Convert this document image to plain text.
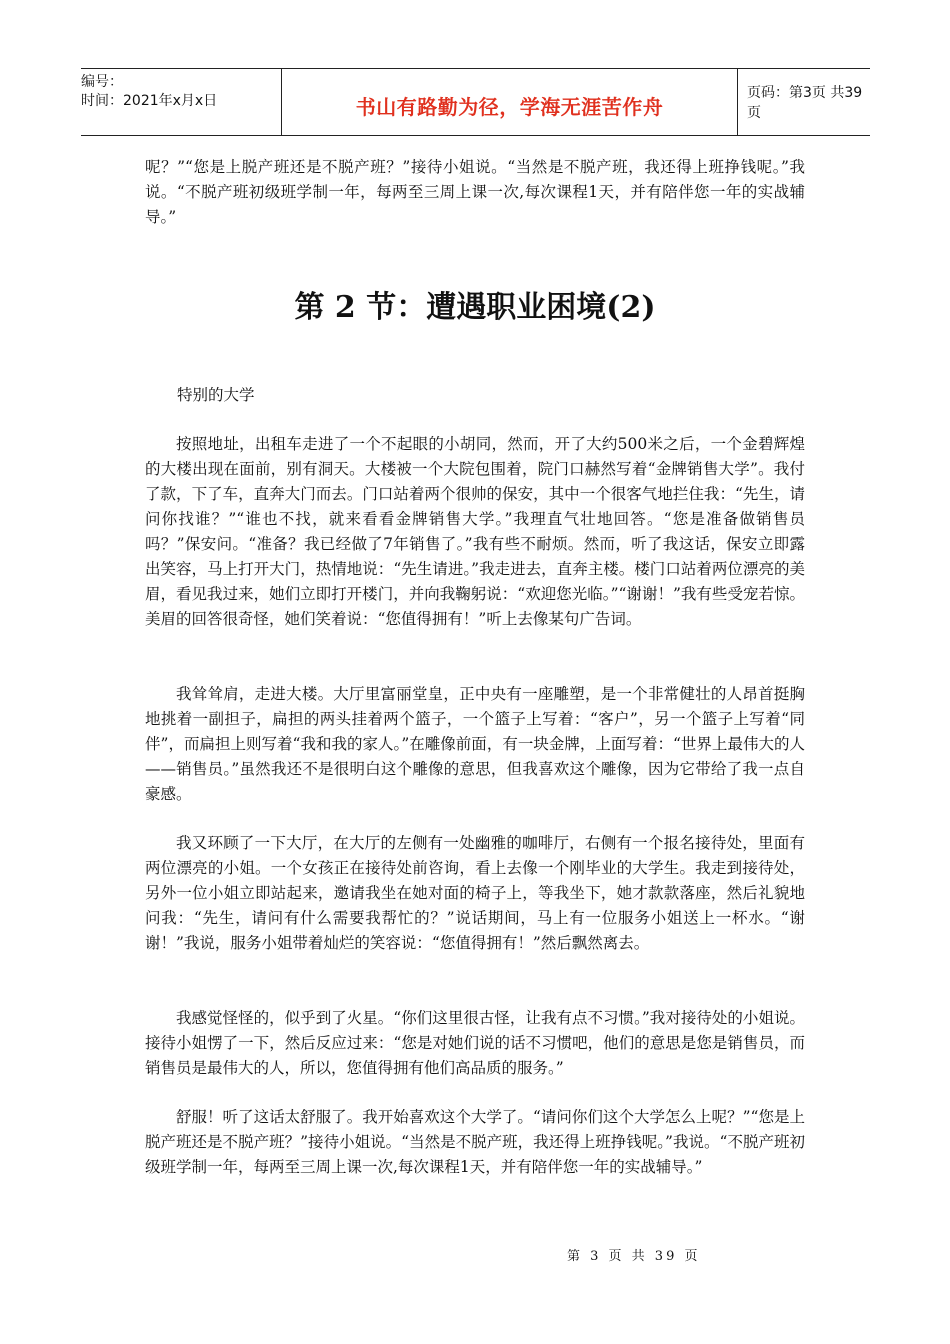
编号：
时间：2021年x月x日	书山有路勤为径，学海无涯苦作舟
页码：第3页 共39页

呢？”“您是上脱产班还是不脱产班？”接待小姐说。“当然是不脱产班，我还得上班挣钱呢。”我说。“不脱产班初级班学制一年，每两至三周上课一次,每次课程1天，并有陪伴您一年的实战辅导。”

第 2 节：遭遇职业困境(2)
特别的大学

按照地址，出租车走进了一个不起眼的小胡同，然而，开了大约500米之后，一个金碧辉煌的大楼出现在面前，别有洞天。大楼被一个大院包围着，院门口赫然写着“金牌销售大学”。我付了款，下了车，直奔大门而去。门口站着两个很帅的保安，其中一个很客气地拦住我：“先生，请问你找谁？”“谁也不找，就来看看金牌销售大学。”我理直气壮地回答。“您是准备做销售员吗？”保安问。“准备？我已经做了7年销售了。”我有些不耐烦。然而，听了我这话，保安立即露出笑容，马上打开大门，热情地说：“先生请进。”我走进去，直奔主楼。楼门口站着两位漂亮的美眉，看见我过来，她们立即打开楼门，并向我鞠躬说：“欢迎您光临。”“谢谢！”我有些受宠若惊。美眉的回答很奇怪，她们笑着说：“您值得拥有！”听上去像某句广告词。

我耸耸肩，走进大楼。大厅里富丽堂皇，正中央有一座雕塑，是一个非常健壮的人昂首挺胸地挑着一副担子，扁担的两头挂着两个篮子，一个篮子上写着：“客户”，另一个篮子上写着“同伴”，而扁担上则写着“我和我的家人。”在雕像前面，有一块金牌，上面写着：“世界上最伟大的人——销售员。”虽然我还不是很明白这个雕像的意思，但我喜欢这个雕像，因为它带给了我一点自豪感。

我又环顾了一下大厅，在大厅的左侧有一处幽雅的咖啡厅，右侧有一个报名接待处，里面有两位漂亮的小姐。一个女孩正在接待处前咨询，看上去像一个刚毕业的大学生。我走到接待处，另外一位小姐立即站起来，邀请我坐在她对面的椅子上，等我坐下，她才款款落座，然后礼貌地问我：“先生，请问有什么需要我帮忙的？”说话期间，马上有一位服务小姐送上一杯水。“谢谢！”我说，服务小姐带着灿烂的笑容说：“您值得拥有！”然后飘然离去。

我感觉怪怪的，似乎到了火星。“你们这里很古怪，让我有点不习惯。”我对接待处的小姐说。接待小姐愣了一下，然后反应过来：“您是对她们说的话不习惯吧，他们的意思是您是销售员，而销售员是最伟大的人，所以，您值得拥有他们高品质的服务。”

舒服！听了这话太舒服了。我开始喜欢这个大学了。“请问你们这个大学怎么上呢？”“您是上脱产班还是不脱产班？”接待小姐说。“当然是不脱产班，我还得上班挣钱呢。”我说。“不脱产班初级班学制一年，每两至三周上课一次,每次课程1天，并有陪伴您一年的实战辅导。”

第 3 页 共 39 页
